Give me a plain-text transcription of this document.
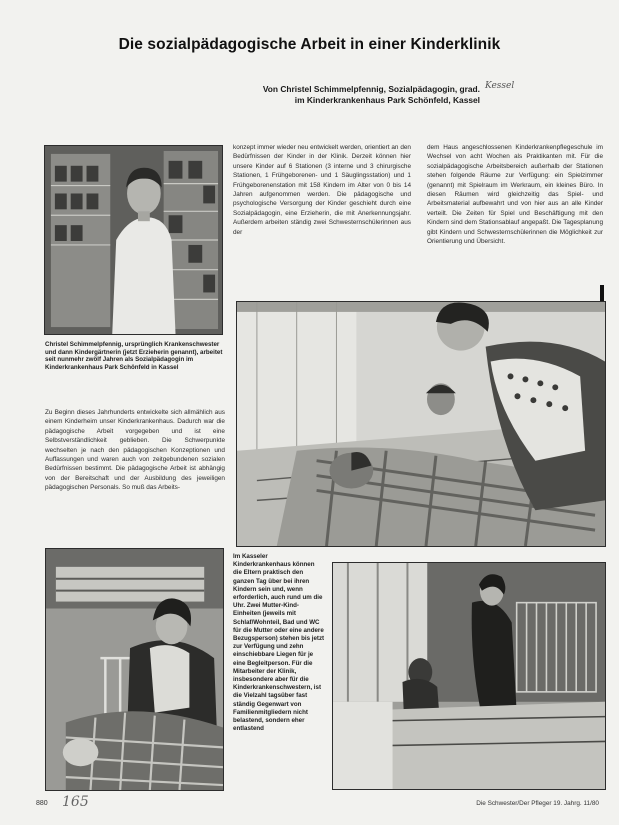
Die sozialpädagogische Arbeit in einer Kinderklinik
Von Christel Schimmelpfennig, Sozialpädagogin, grad.
im Kinderkrankenhaus Park Schönfeld, Kassel
Kessel
Christel Schimmelpfennig, ursprünglich Krankenschwester und dann Kindergärtnerin (jetzt Erzieherin genannt), arbeitet seit nunmehr zwölf Jahren als Sozialpädagogin im Kinderkrankenhaus Park Schönfeld in Kassel
Zu Beginn dieses Jahrhunderts entwickelte sich allmählich aus einem Kinderheim unser Kinderkrankenhaus. Dadurch war die pädagogische Arbeit vorgegeben und ist eine Selbstverständlichkeit geblieben. Die Schwerpunkte wechselten je nach den pädagogischen Konzeptionen und Auffassungen und waren auch von zeitgebundenen sozialen Bedürfnissen bestimmt. Die pädagogische Arbeit ist abhängig von der Bereitschaft und der Ausbildung des jeweiligen pädagogischen Personals. So muß das Arbeits-
konzept immer wieder neu entwickelt werden, orientiert an den Bedürfnissen der Kinder in der Klinik. Derzeit können hier unsere Kinder auf 6 Stationen (3 interne und 3 chirurgische Stationen, 1 Frühgeborenen- und 1 Säuglingsstation) und 1 Frühgeborenenstation mit 158 Kindern im Alter von 0 bis 14 Jahren aufgenommen werden. Die pädagogische und psychologische Versorgung der Kinder geschieht durch eine Sozialpädagogin, eine Erzieherin, die mit Anerkennungsjahr. Außerdem arbeiten ständig zwei Schwesternschülerinnen aus der
dem Haus angeschlossenen Kinderkrankenpflegeschule im Wechsel von acht Wochen als Praktikanten mit. Für die sozialpädagogische Arbeitsbereich außerhalb der Stationen stehen folgende Räume zur Verfügung: ein Spielzimmer (genannt) mit Spielraum im Werkraum, ein kleines Büro. In diesen Räumen wird gleichzeitig das Spiel- und Arbeitsmaterial aufbewahrt und von hier aus an alle Kinder verteilt. Die Zeiten für Spiel und Beschäftigung mit den Kindern sind dem Stationsablauf angepaßt. Die Tagesplanung gibt Kindern und Schwesternschülerinnen die Möglichkeit zur Orientierung und Übersicht.
Im Kasseler Kinderkrankenhaus können die Eltern praktisch den ganzen Tag über bei ihren Kindern sein und, wenn erforderlich, auch rund um die Uhr. Zwei Mutter-Kind-Einheiten (jeweils mit Schlaf/Wohnteil, Bad und WC für die Mutter oder eine andere Bezugsperson) stehen bis jetzt zur Verfügung und zehn einschiebbare Liegen für je eine Begleitperson. Für die Mitarbeiter der Klinik, insbesondere aber für die Kinderkrankenschwestern, ist die Vielzahl tagsüber fast ständig Gegenwart von Familienmitgliedern nicht belastend, sondern eher entlastend
880 165	Die Schwester/Der Pfleger 19. Jahrg. 11/80
